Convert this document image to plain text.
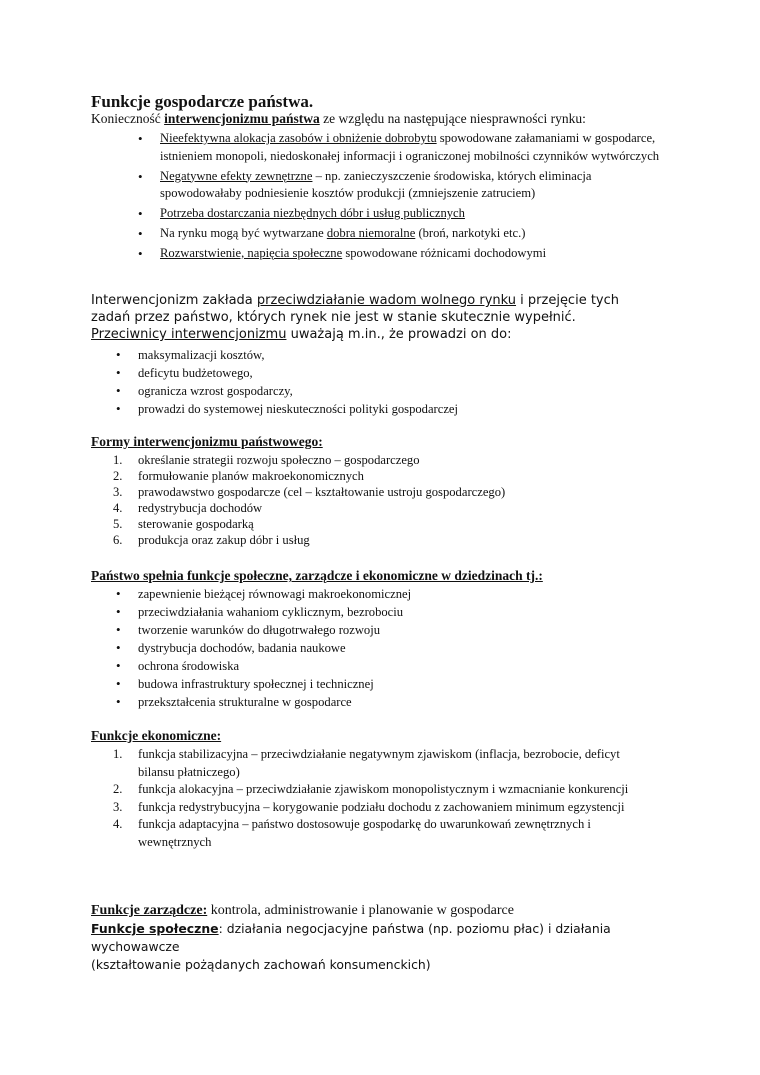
Funkcje gospodarcze państwa.

Konieczność interwencjonizmu państwa ze względu na następujące niesprawności rynku:

• Nieefektywna alokacja zasobów i obniżenie dobrobytu spowodowane załamaniami w gospodarce, istnieniem monopoli, niedoskonałej informacji i ograniczonej mobilności czynników wytwórczych
• Negatywne efekty zewnętrzne – np. zanieczyszczenie środowiska, których eliminacja spowodowałaby podniesienie kosztów produkcji (zmniejszenie zatruciem)
• Potrzeba dostarczania niezbędnych dóbr i usług publicznych
• Na rynku mogą być wytwarzane dobra niemoralne (broń, narkotyki etc.)
• Rozwarstwienie, napięcia społeczne spowodowane różnicami dochodowymi

Interwencjonizm zakłada przeciwdziałanie wadom wolnego rynku i przejęcie tych zadań przez państwo, których rynek nie jest w stanie skutecznie wypełnić.
Przeciwnicy interwencjonizmu uważają m.in., że prowadzi on do:

• maksymalizacji kosztów,
• deficytu budżetowego,
• ogranicza wzrost gospodarczy,
• prowadzi do systemowej nieskuteczności polityki gospodarczej

Formy interwencjonizmu państwowego:

1. określanie strategii rozwoju społeczno – gospodarczego
2. formułowanie planów makroekonomicznych
3. prawodawstwo gospodarcze (cel – kształtowanie ustroju gospodarczego)
4. redystrybucja dochodów
5. sterowanie gospodarką
6. produkcja oraz zakup dóbr i usług

Państwo spełnia funkcje społeczne, zarządcze i ekonomiczne w dziedzinach tj.:

• zapewnienie bieżącej równowagi makroekonomicznej
• przeciwdziałania wahaniom cyklicznym, bezrobociu
• tworzenie warunków do długotrwałego rozwoju
• dystrybucja dochodów, badania naukowe
• ochrona środowiska
• budowa infrastruktury społecznej i technicznej
• przekształcenia strukturalne w gospodarce

Funkcje ekonomiczne:

1. funkcja stabilizacyjna – przeciwdziałanie negatywnym zjawiskom (inflacja, bezrobocie, deficyt bilansu płatniczego)
2. funkcja alokacyjna – przeciwdziałanie zjawiskom monopolistycznym i wzmacnianie konkurencji
3. funkcja redystrybucyjna – korygowanie podziału dochodu z zachowaniem minimum egzystencji
4. funkcja adaptacyjna – państwo dostosowuje gospodarkę do uwarunkowań zewnętrznych i wewnętrznych

Funkcje zarządcze: kontrola, administrowanie i planowanie w gospodarce

Funkcje społeczne: działania negocjacyjne państwa (np. poziomu płac) i działania wychowawcze
(kształtowanie pożądanych zachowań konsumenckich)
